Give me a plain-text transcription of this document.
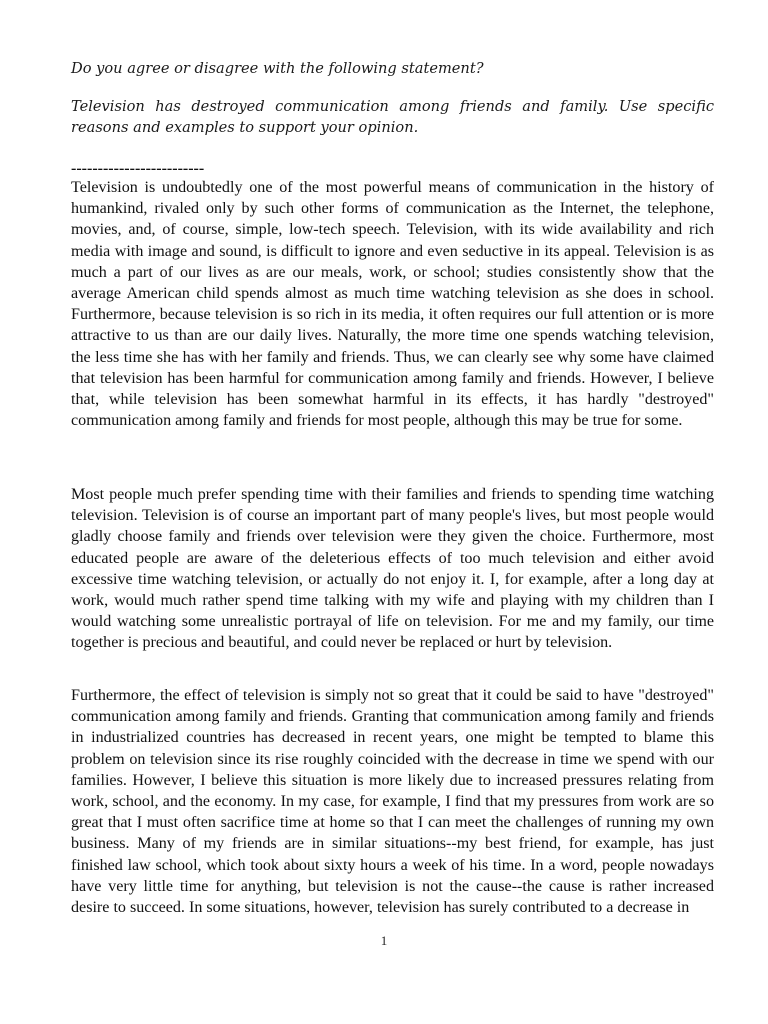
Do you agree or disagree with the following statement?
Television has destroyed communication among friends and family. Use specific reasons and examples to support your opinion.
-------------------------

Television is undoubtedly one of the most powerful means of communication in the history of humankind, rivaled only by such other forms of communication as the Internet, the telephone, movies, and, of course, simple, low-tech speech. Television, with its wide availability and rich media with image and sound, is difficult to ignore and even seductive in its appeal. Television is as much a part of our lives as are our meals, work, or school; studies consistently show that the average American child spends almost as much time watching television as she does in school. Furthermore, because television is so rich in its media, it often requires our full attention or is more attractive to us than are our daily lives. Naturally, the more time one spends watching television, the less time she has with her family and friends. Thus, we can clearly see why some have claimed that television has been harmful for communication among family and friends. However, I believe that, while television has been somewhat harmful in its effects, it has hardly "destroyed" communication among family and friends for most people, although this may be true for some.

Most people much prefer spending time with their families and friends to spending time watching television. Television is of course an important part of many people's lives, but most people would gladly choose family and friends over television were they given the choice. Furthermore, most educated people are aware of the deleterious effects of too much television and either avoid excessive time watching television, or actually do not enjoy it. I, for example, after a long day at work, would much rather spend time talking with my wife and playing with my children than I would watching some unrealistic portrayal of life on television. For me and my family, our time together is precious and beautiful, and could never be replaced or hurt by television.

Furthermore, the effect of television is simply not so great that it could be said to have "destroyed" communication among family and friends. Granting that communication among family and friends in industrialized countries has decreased in recent years, one might be tempted to blame this problem on television since its rise roughly coincided with the decrease in time we spend with our families. However, I believe this situation is more likely due to increased pressures relating from work, school, and the economy. In my case, for example, I find that my pressures from work are so great that I must often sacrifice time at home so that I can meet the challenges of running my own business. Many of my friends are in similar situations--my best friend, for example, has just finished law school, which took about sixty hours a week of his time. In a word, people nowadays have very little time for anything, but television is not the cause--the cause is rather increased desire to succeed. In some situations, however, television has surely contributed to a decrease in

1
